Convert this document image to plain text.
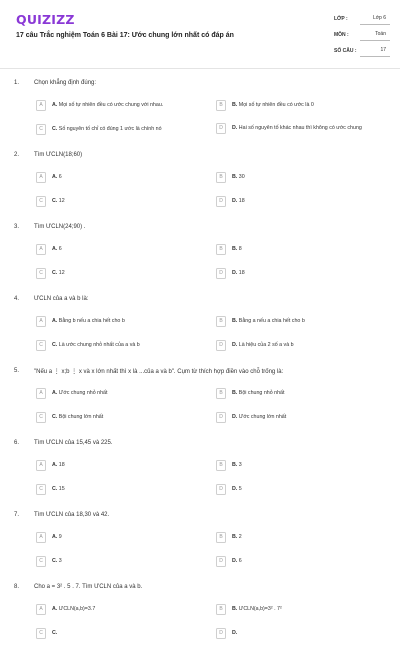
QUIZIZZ
17 câu Trắc nghiệm Toán 6 Bài 17: Ước chung lớn nhất có đáp án
LỚP :	Lớp 6
MÔN :	Toán
SỐ CÂU :	17
1. Chọn khẳng định đúng:
A	A. Mọi số tự nhiên đều có ước chung với nhau.	B	B. Mọi số tự nhiên đều có ước là 0
C	C. Số nguyên tố chỉ có đúng 1 ước là chính nó	D	D. Hai số nguyên tố khác nhau thì không có ước chung
2. Tìm ƯCLN(18;60)
A	A. 6	B	B. 30
C	C. 12	D	D. 18
3. Tìm ƯCLN(24;90) .
A	A. 6	B	B. 8
C	C. 12	D	D. 18
4. ƯCLN của a và b là:
A	A. Bằng b nếu a chia hết cho b	B	B. Bằng a nếu a chia hết cho b
C	C. Là ước chung nhỏ nhất của a và b	D	D. Là hiệu của 2 số a và b
5. "Nếu a ⋮ x;b ⋮ x và x lớn nhất thì x là ...của a và b". Cụm từ thích hợp điền vào chỗ trống là:
A	A. Ước chung nhỏ nhất	B	B. Bội chung nhỏ nhất
C	C. Bội chung lớn nhất	D	D. Ước chung lớn nhất
6. Tìm ƯCLN của 15,45 và 225.
A	A. 18	B	B. 3
C	C. 15	D	D. 5
7. Tìm ƯCLN của 18,30 và 42.
A	A. 9	B	B. 2
C	C. 3	D	D. 6
8. Cho a = 3² . 5 . 7. Tìm ƯCLN của a và b.
A	A. ƯCLN(a,b)=3.7	B	B. ƯCLN(a,b)=3² . 7²
C	C.	D	D.
